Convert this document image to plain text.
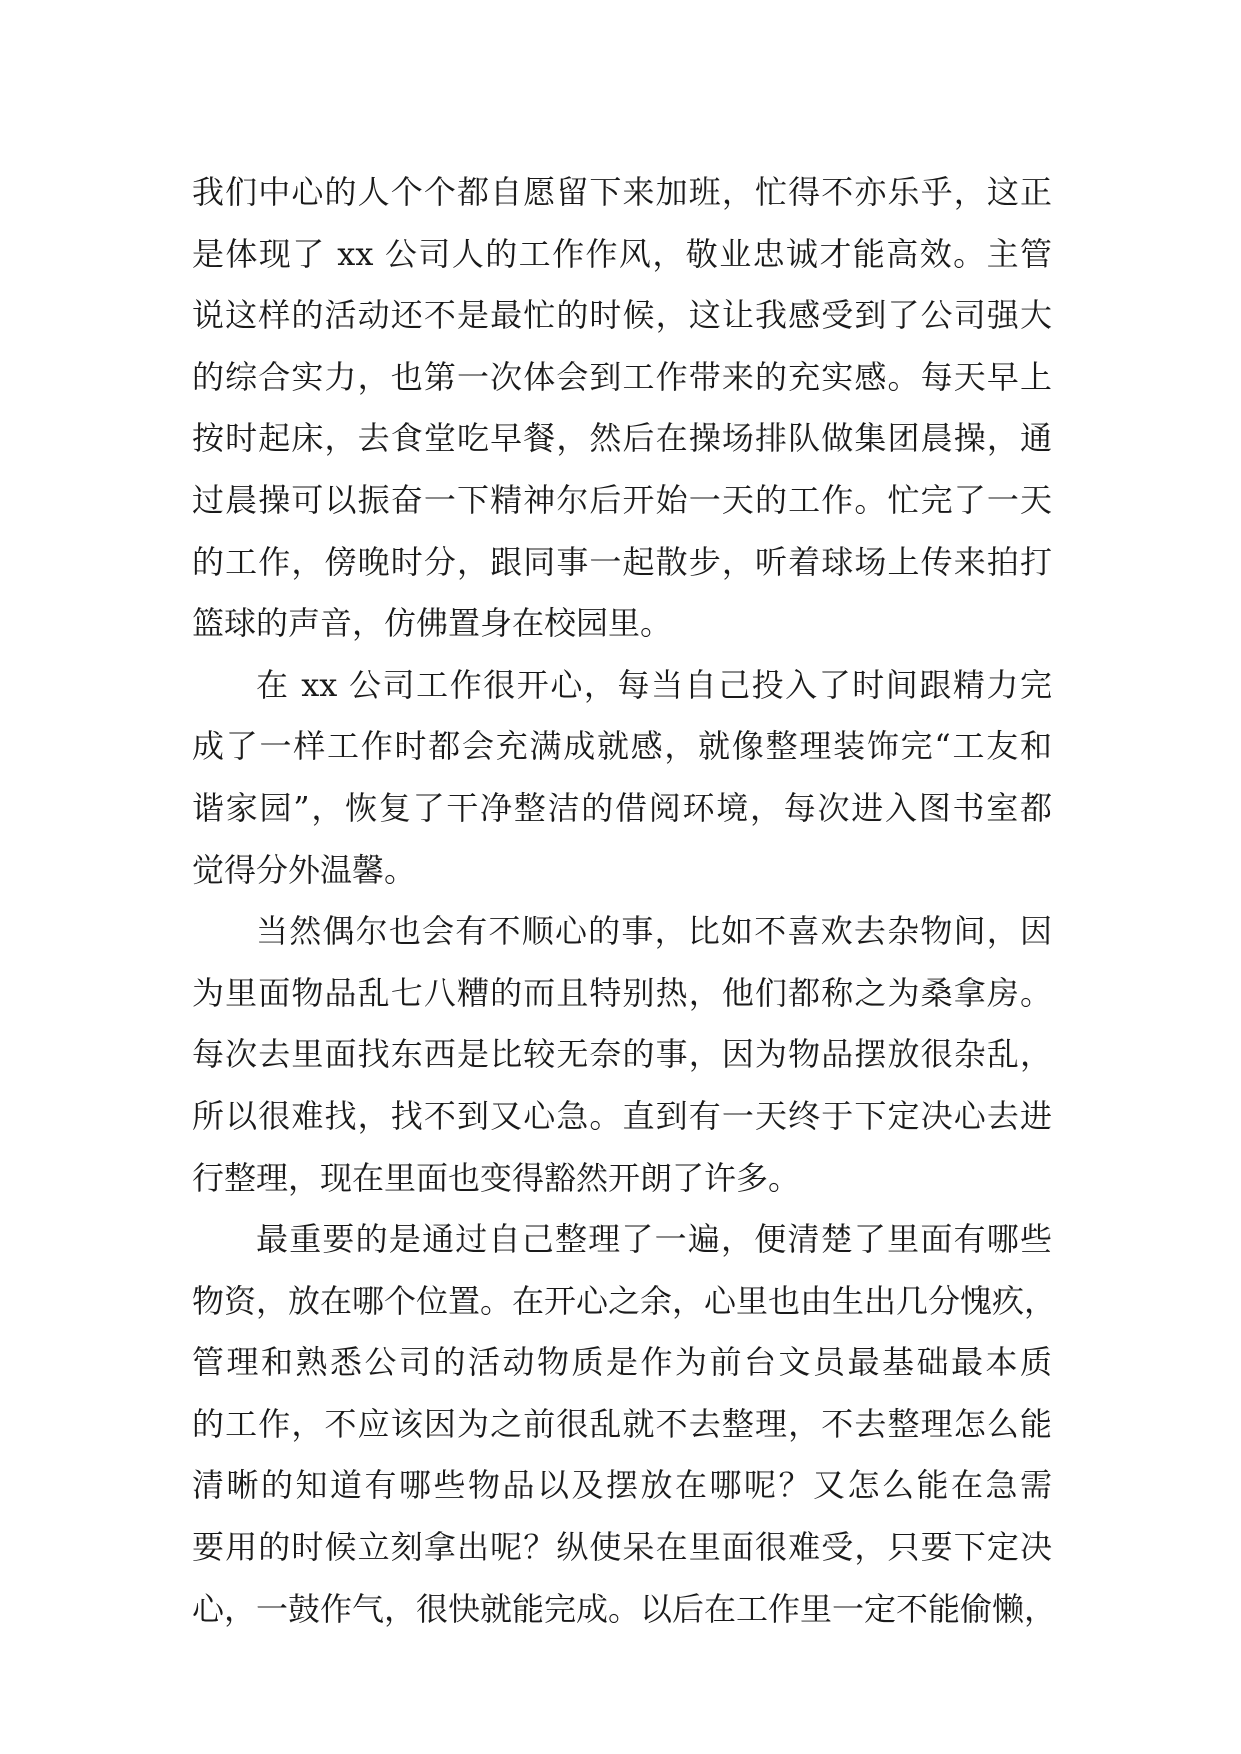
我们中心的人个个都自愿留下来加班，忙得不亦乐乎，这正
是体现了 xx 公司人的工作作风，敬业忠诚才能高效。主管
说这样的活动还不是最忙的时候，这让我感受到了公司强大
的综合实力，也第一次体会到工作带来的充实感。每天早上
按时起床，去食堂吃早餐，然后在操场排队做集团晨操，通
过晨操可以振奋一下精神尔后开始一天的工作。忙完了一天
的工作，傍晚时分，跟同事一起散步，听着球场上传来拍打
篮球的声音，仿佛置身在校园里。
在 xx 公司工作很开心，每当自己投入了时间跟精力完
成了一样工作时都会充满成就感，就像整理装饰完“工友和
谐家园”，恢复了干净整洁的借阅环境，每次进入图书室都
觉得分外温馨。
当然偶尔也会有不顺心的事，比如不喜欢去杂物间，因
为里面物品乱七八糟的而且特别热，他们都称之为桑拿房。
每次去里面找东西是比较无奈的事，因为物品摆放很杂乱，
所以很难找，找不到又心急。直到有一天终于下定决心去进
行整理，现在里面也变得豁然开朗了许多。
最重要的是通过自己整理了一遍，便清楚了里面有哪些
物资，放在哪个位置。在开心之余，心里也由生出几分愧疚，
管理和熟悉公司的活动物质是作为前台文员最基础最本质
的工作，不应该因为之前很乱就不去整理，不去整理怎么能
清晰的知道有哪些物品以及摆放在哪呢？又怎么能在急需
要用的时候立刻拿出呢？纵使呆在里面很难受，只要下定决
心，一鼓作气，很快就能完成。以后在工作里一定不能偷懒，
